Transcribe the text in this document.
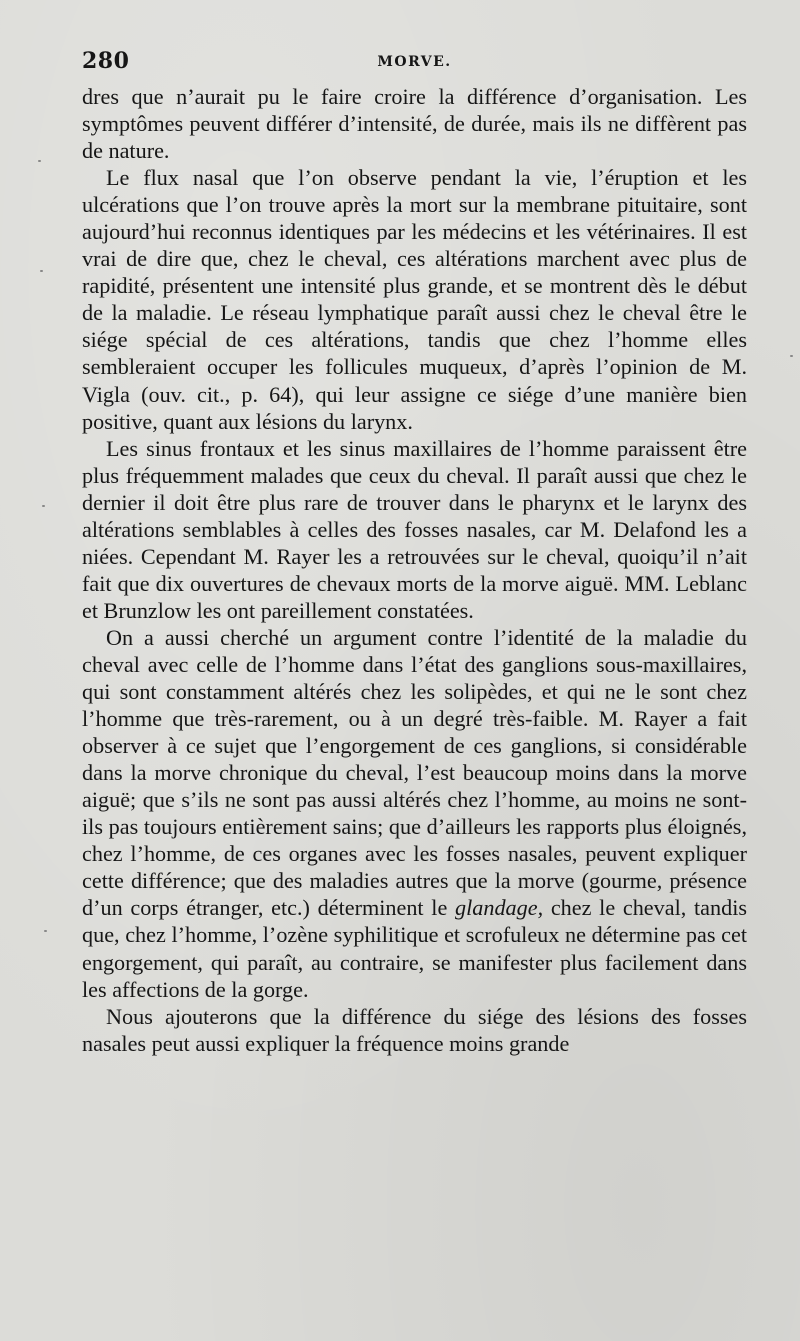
280	MORVE.

dres que n’aurait pu le faire croire la différence d’organisation. Les symptômes peuvent différer d’intensité, de durée, mais ils ne diffèrent pas de nature.

Le flux nasal que l’on observe pendant la vie, l’éruption et les ulcérations que l’on trouve après la mort sur la membrane pituitaire, sont aujourd’hui reconnus identiques par les médecins et les vétérinaires. Il est vrai de dire que, chez le cheval, ces altérations marchent avec plus de rapidité, présentent une intensité plus grande, et se montrent dès le début de la maladie. Le réseau lymphatique paraît aussi chez le cheval être le siége spécial de ces altérations, tandis que chez l’homme elles sembleraient occuper les follicules muqueux, d’après l’opinion de M. Vigla (ouv. cit., p. 64), qui leur assigne ce siége d’une manière bien positive, quant aux lésions du larynx.

Les sinus frontaux et les sinus maxillaires de l’homme paraissent être plus fréquemment malades que ceux du cheval. Il paraît aussi que chez le dernier il doit être plus rare de trouver dans le pharynx et le larynx des altérations semblables à celles des fosses nasales, car M. Delafond les a niées. Cependant M. Rayer les a retrouvées sur le cheval, quoiqu’il n’ait fait que dix ouvertures de chevaux morts de la morve aiguë. MM. Leblanc et Brunzlow les ont pareillement constatées.

On a aussi cherché un argument contre l’identité de la maladie du cheval avec celle de l’homme dans l’état des ganglions sous-maxillaires, qui sont constamment altérés chez les solipèdes, et qui ne le sont chez l’homme que très-rarement, ou à un degré très-faible. M. Rayer a fait observer à ce sujet que l’engorgement de ces ganglions, si considérable dans la morve chronique du cheval, l’est beaucoup moins dans la morve aiguë; que s’ils ne sont pas aussi altérés chez l’homme, au moins ne sont-ils pas toujours entièrement sains; que d’ailleurs les rapports plus éloignés, chez l’homme, de ces organes avec les fosses nasales, peuvent expliquer cette différence; que des maladies autres que la morve (gourme, présence d’un corps étranger, etc.) déterminent le glandage, chez le cheval, tandis que, chez l’homme, l’ozène syphilitique et scrofuleux ne détermine pas cet engorgement, qui paraît, au contraire, se manifester plus facilement dans les affections de la gorge.

Nous ajouterons que la différence du siége des lésions des fosses nasales peut aussi expliquer la fréquence moins grande
